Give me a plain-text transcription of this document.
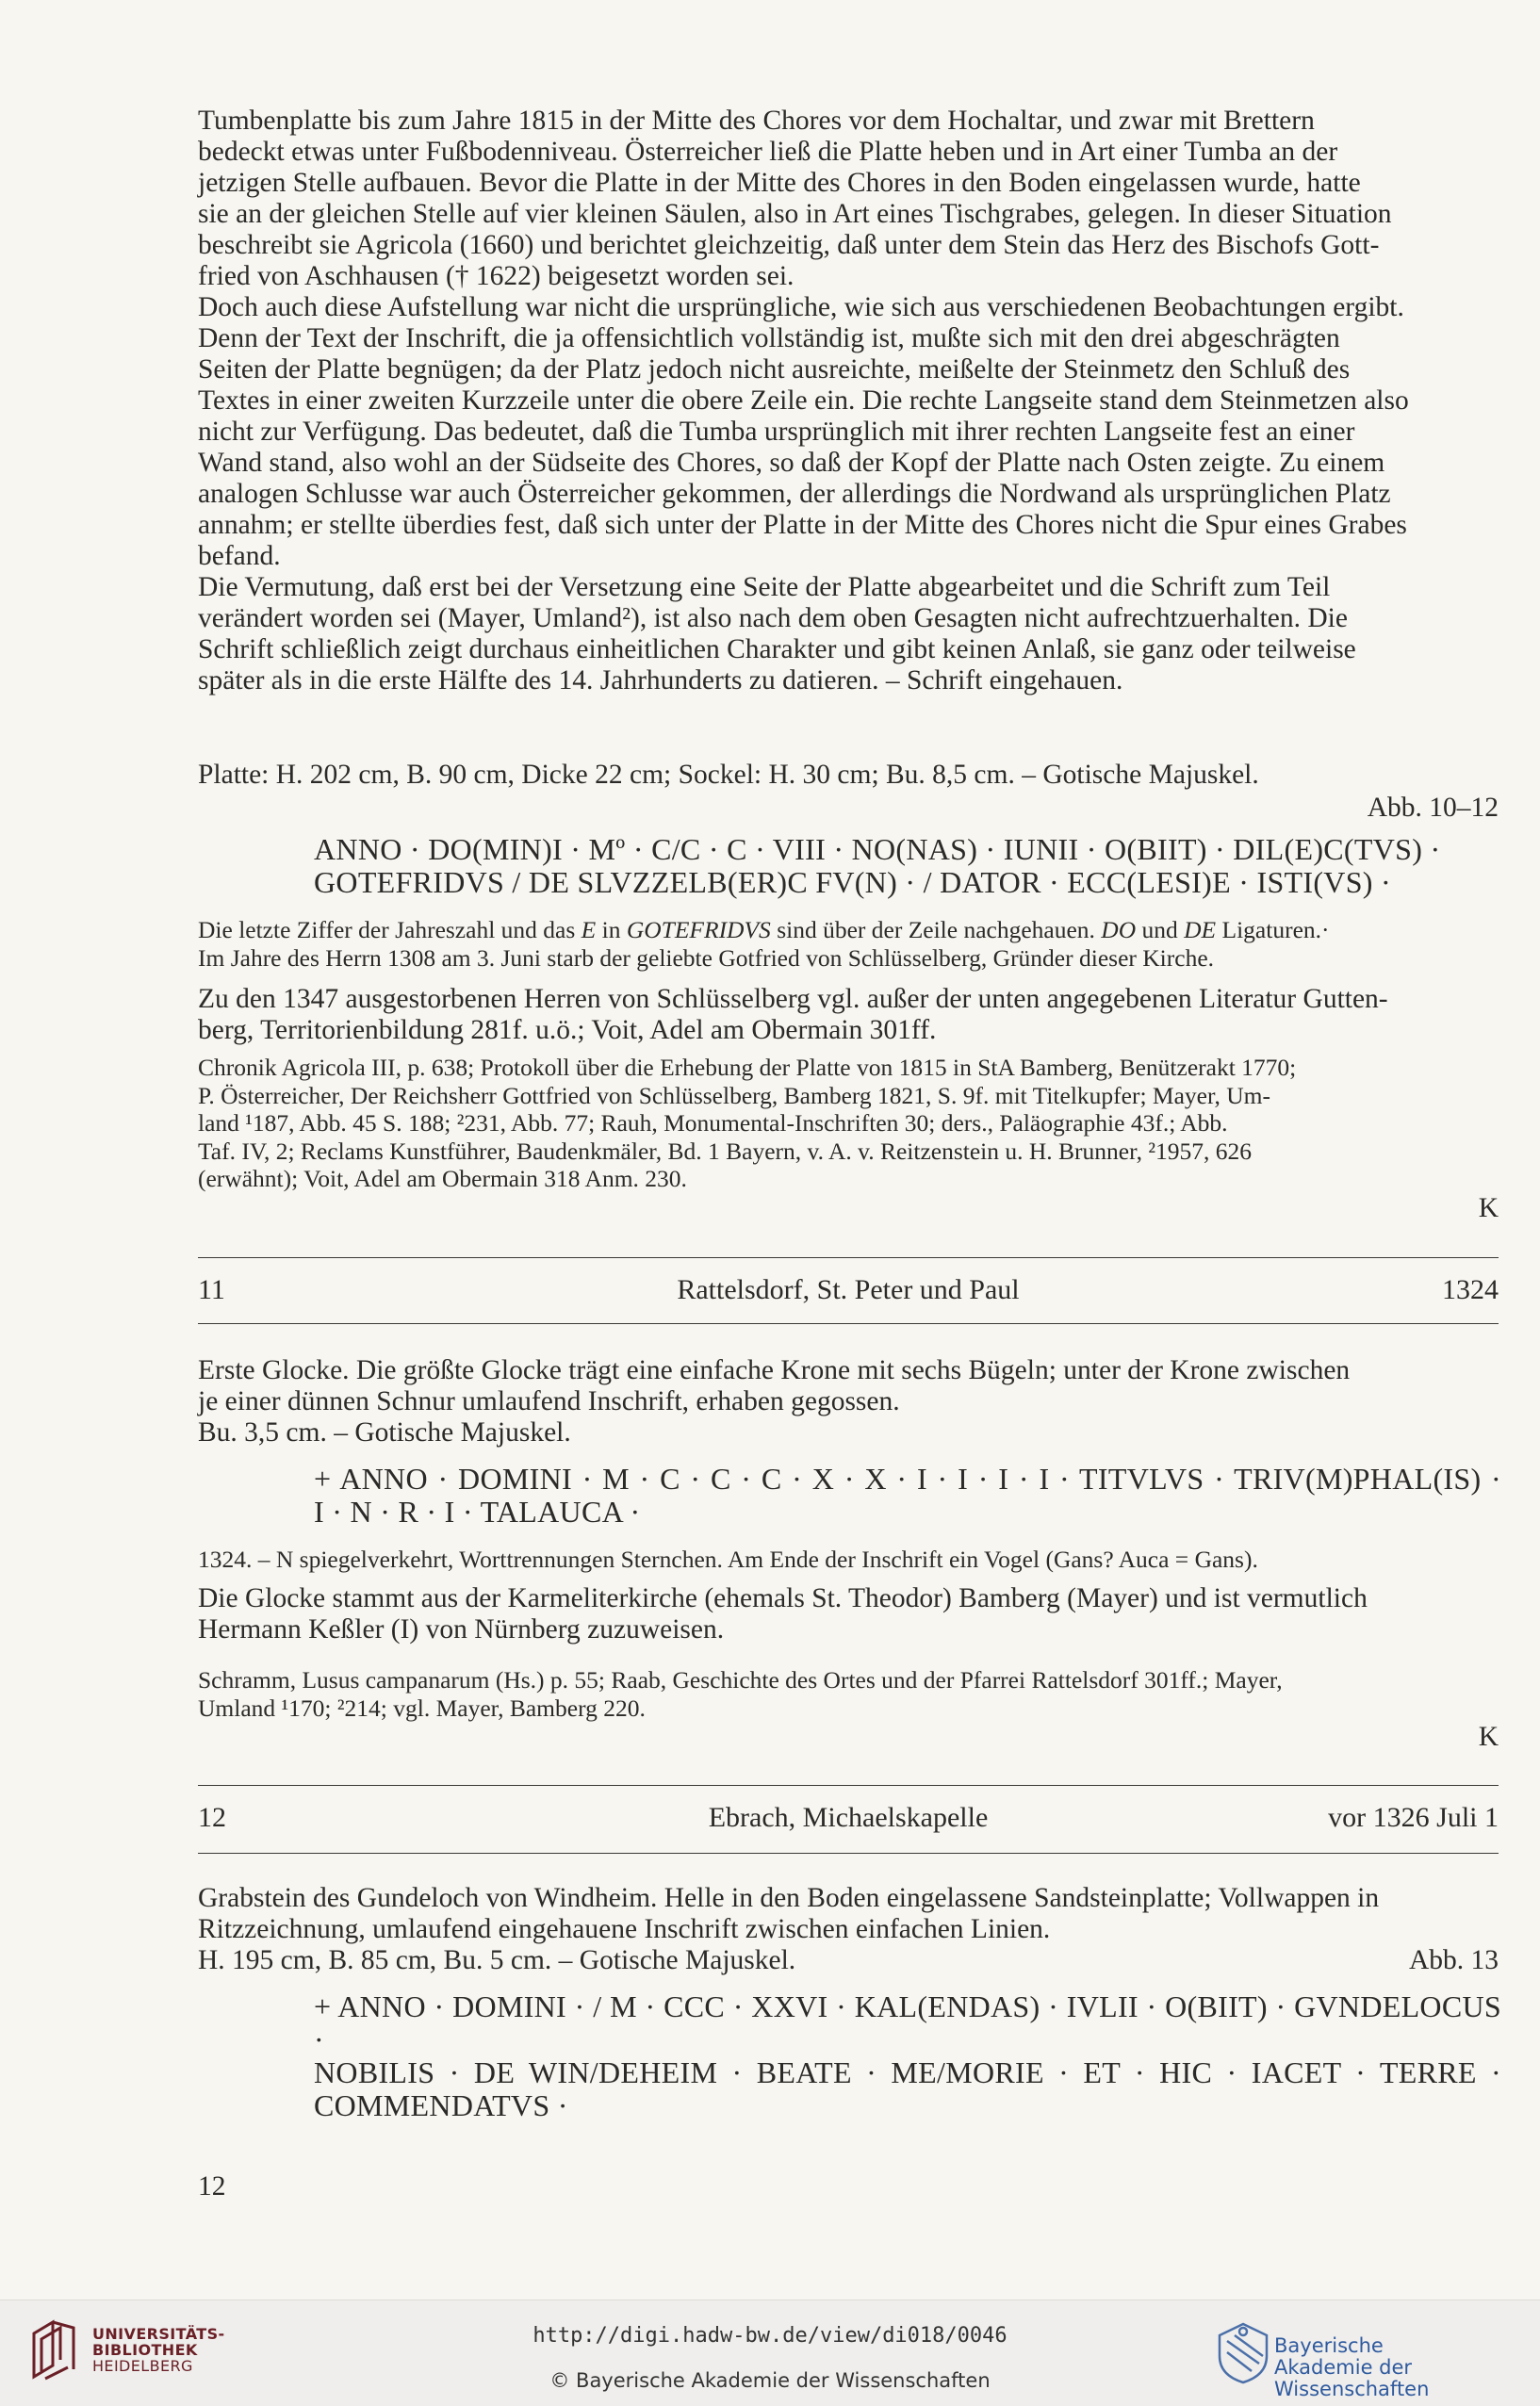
Tumbenplatte bis zum Jahre 1815 in der Mitte des Chores vor dem Hochaltar, und zwar mit Brettern

bedeckt etwas unter Fußbodenniveau. Österreicher ließ die Platte heben und in Art einer Tumba an der

jetzigen Stelle aufbauen. Bevor die Platte in der Mitte des Chores in den Boden eingelassen wurde, hatte

sie an der gleichen Stelle auf vier kleinen Säulen, also in Art eines Tischgrabes, gelegen. In dieser Situation

beschreibt sie Agricola (1660) und berichtet gleichzeitig, daß unter dem Stein das Herz des Bischofs Gott-

fried von Aschhausen († 1622) beigesetzt worden sei.

Doch auch diese Aufstellung war nicht die ursprüngliche, wie sich aus verschiedenen Beobachtungen ergibt.

Denn der Text der Inschrift, die ja offensichtlich vollständig ist, mußte sich mit den drei abgeschrägten

Seiten der Platte begnügen; da der Platz jedoch nicht ausreichte, meißelte der Steinmetz den Schluß des

Textes in einer zweiten Kurzzeile unter die obere Zeile ein. Die rechte Langseite stand dem Steinmetzen also

nicht zur Verfügung. Das bedeutet, daß die Tumba ursprünglich mit ihrer rechten Langseite fest an einer

Wand stand, also wohl an der Südseite des Chores, so daß der Kopf der Platte nach Osten zeigte. Zu einem

analogen Schlusse war auch Österreicher gekommen, der allerdings die Nordwand als ursprünglichen Platz

annahm; er stellte überdies fest, daß sich unter der Platte in der Mitte des Chores nicht die Spur eines Grabes

befand.

Die Vermutung, daß erst bei der Versetzung eine Seite der Platte abgearbeitet und die Schrift zum Teil

verändert worden sei (Mayer, Umland²), ist also nach dem oben Gesagten nicht aufrechtzuerhalten. Die

Schrift schließlich zeigt durchaus einheitlichen Charakter und gibt keinen Anlaß, sie ganz oder teilweise

später als in die erste Hälfte des 14. Jahrhunderts zu datieren. – Schrift eingehauen.

Platte: H. 202 cm, B. 90 cm, Dicke 22 cm; Sockel: H. 30 cm; Bu. 8,5 cm. – Gotische Majuskel.

Abb. 10–12

ANNO · DO(MIN)I · Mº · C/C · C · VIII · NO(NAS) · IUNII · O(BIIT) · DIL(E)C(TVS) ·

GOTEFRIDVS / DE SLVZZELB(ER)C FV(N) · / DATOR · ECC(LESI)E · ISTI(VS) ·

Die letzte Ziffer der Jahreszahl und das E in GOTEFRIDVS sind über der Zeile nachgehauen. DO und DE Ligaturen.·

Im Jahre des Herrn 1308 am 3. Juni starb der geliebte Gotfried von Schlüsselberg, Gründer dieser Kirche.

Zu den 1347 ausgestorbenen Herren von Schlüsselberg vgl. außer der unten angegebenen Literatur Gutten-

berg, Territorienbildung 281f. u.ö.; Voit, Adel am Obermain 301ff.

Chronik Agricola III, p. 638; Protokoll über die Erhebung der Platte von 1815 in StA Bamberg, Benützerakt 1770;

P. Österreicher, Der Reichsherr Gottfried von Schlüsselberg, Bamberg 1821, S. 9f. mit Titelkupfer; Mayer, Um-

land ¹187, Abb. 45 S. 188; ²231, Abb. 77; Rauh, Monumental-Inschriften 30; ders., Paläographie 43f.; Abb.

Taf. IV, 2; Reclams Kunstführer, Baudenkmäler, Bd. 1 Bayern, v. A. v. Reitzenstein u. H. Brunner, ²1957, 626

(erwähnt); Voit, Adel am Obermain 318 Anm. 230.

K

11	Rattelsdorf, St. Peter und Paul	1324

Erste Glocke. Die größte Glocke trägt eine einfache Krone mit sechs Bügeln; unter der Krone zwischen

je einer dünnen Schnur umlaufend Inschrift, erhaben gegossen.

Bu. 3,5 cm. – Gotische Majuskel.

+ ANNO · DOMINI · M · C · C · C · X · X · I · I · I · I · TITVLVS · TRIV(M)PHAL(IS) ·

I · N · R · I · TALAUCA ·

1324. – N spiegelverkehrt, Worttrennungen Sternchen. Am Ende der Inschrift ein Vogel (Gans? Auca = Gans).

Die Glocke stammt aus der Karmeliterkirche (ehemals St. Theodor) Bamberg (Mayer) und ist vermutlich

Hermann Keßler (I) von Nürnberg zuzuweisen.

Schramm, Lusus campanarum (Hs.) p. 55; Raab, Geschichte des Ortes und der Pfarrei Rattelsdorf 301ff.; Mayer,

Umland ¹170; ²214; vgl. Mayer, Bamberg 220.

K

12	Ebrach, Michaelskapelle	vor 1326 Juli 1

Grabstein des Gundeloch von Windheim. Helle in den Boden eingelassene Sandsteinplatte; Vollwappen in

Ritzzeichnung, umlaufend eingehauene Inschrift zwischen einfachen Linien.

H. 195 cm, B. 85 cm, Bu. 5 cm. – Gotische Majuskel.	Abb. 13

+ ANNO · DOMINI · / M · CCC · XXVI · KAL(ENDAS) · IVLII · O(BIIT) · GVNDELOCUS ·

NOBILIS · DE WIN/DEHEIM · BEATE · ME/MORIE · ET · HIC · IACET · TERRE ·

COMMENDATVS ·

12

UNIVERSITÄTS-
BIBLIOTHEK
HEIDELBERG
http://digi.hadw-bw.de/view/di018/0046
© Bayerische Akademie der Wissenschaften
Bayerische
Akademie der Wissenschaften
